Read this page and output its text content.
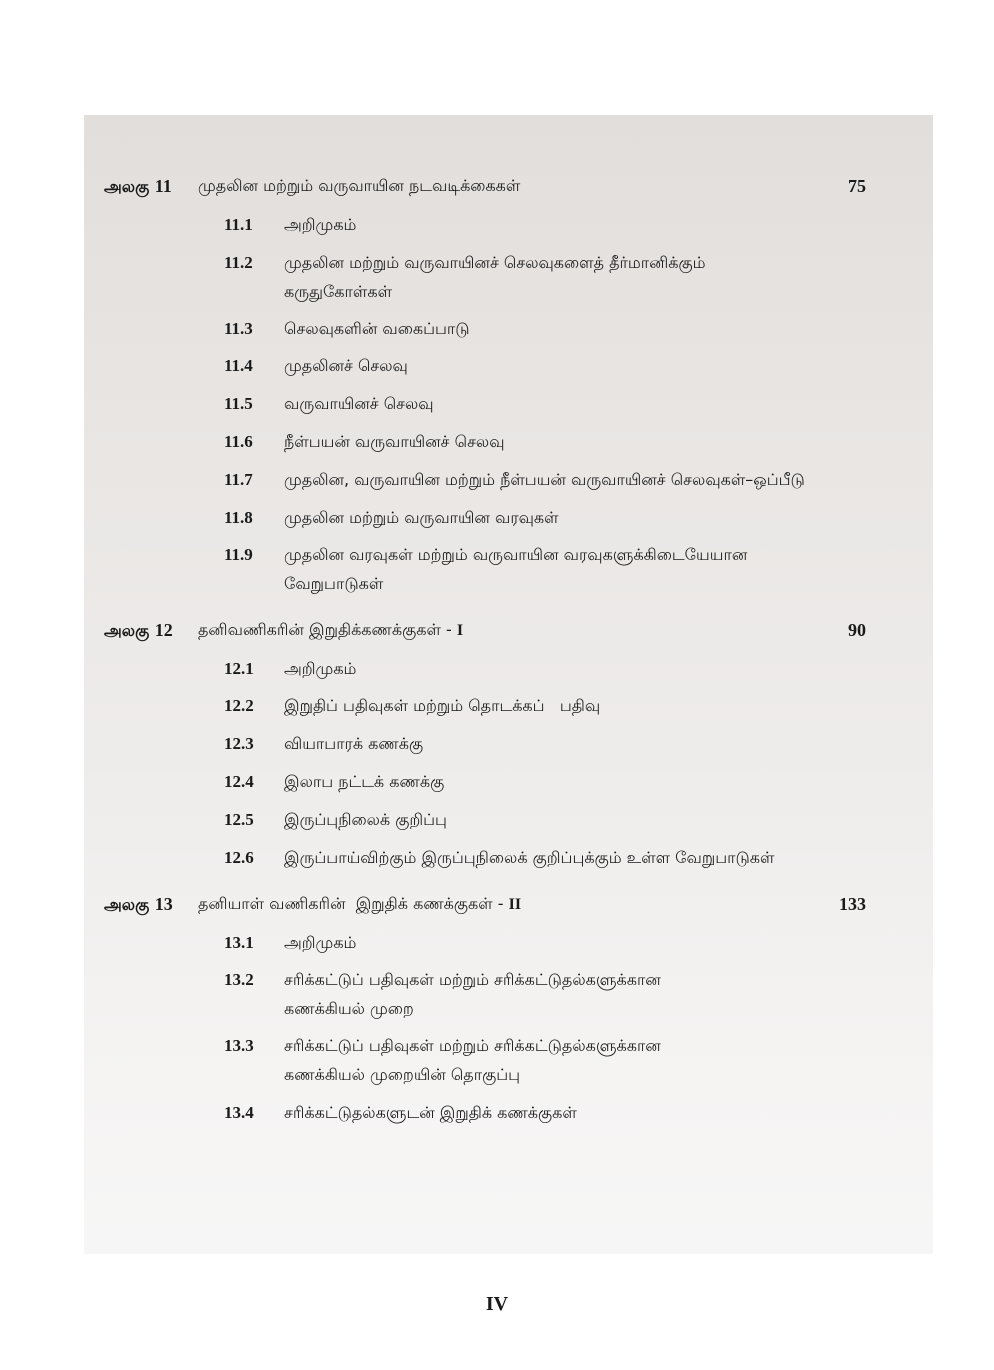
அலகு 11 முதலின மற்றும் வருவாயின நடவடிக்கைகள்	75
11.1 அறிமுகம்
11.2 முதலின மற்றும் வருவாயினச் செலவுகளைத் தீர்மானிக்கும்
கருதுகோள்கள்
11.3 செலவுகளின் வகைப்பாடு
11.4 முதலினச் செலவு
11.5 வருவாயினச் செலவு
11.6 நீள்பயன் வருவாயினச் செலவு
11.7 முதலின, வருவாயின மற்றும் நீள்பயன் வருவாயினச் செலவுகள்–ஒப்பீடு
11.8 முதலின மற்றும் வருவாயின வரவுகள்
11.9 முதலின வரவுகள் மற்றும் வருவாயின வரவுகளுக்கிடையேயான
வேறுபாடுகள்
அலகு 12 தனிவணிகரின் இறுதிக்கணக்குகள் - I	90
12.1 அறிமுகம்
12.2 இறுதிப் பதிவுகள் மற்றும் தொடக்கப்   பதிவு
12.3 வியாபாரக் கணக்கு
12.4 இலாப நட்டக் கணக்கு
12.5 இருப்புநிலைக் குறிப்பு
12.6 இருப்பாய்விற்கும் இருப்புநிலைக் குறிப்புக்கும் உள்ள வேறுபாடுகள்
அலகு 13 தனியாள் வணிகரின்  இறுதிக் கணக்குகள் - II	133
13.1 அறிமுகம்
13.2 சரிக்கட்டுப் பதிவுகள் மற்றும் சரிக்கட்டுதல்களுக்கான
கணக்கியல் முறை
13.3 சரிக்கட்டுப் பதிவுகள் மற்றும் சரிக்கட்டுதல்களுக்கான
கணக்கியல் முறையின் தொகுப்பு
13.4 சரிக்கட்டுதல்களுடன் இறுதிக் கணக்குகள்
IV
